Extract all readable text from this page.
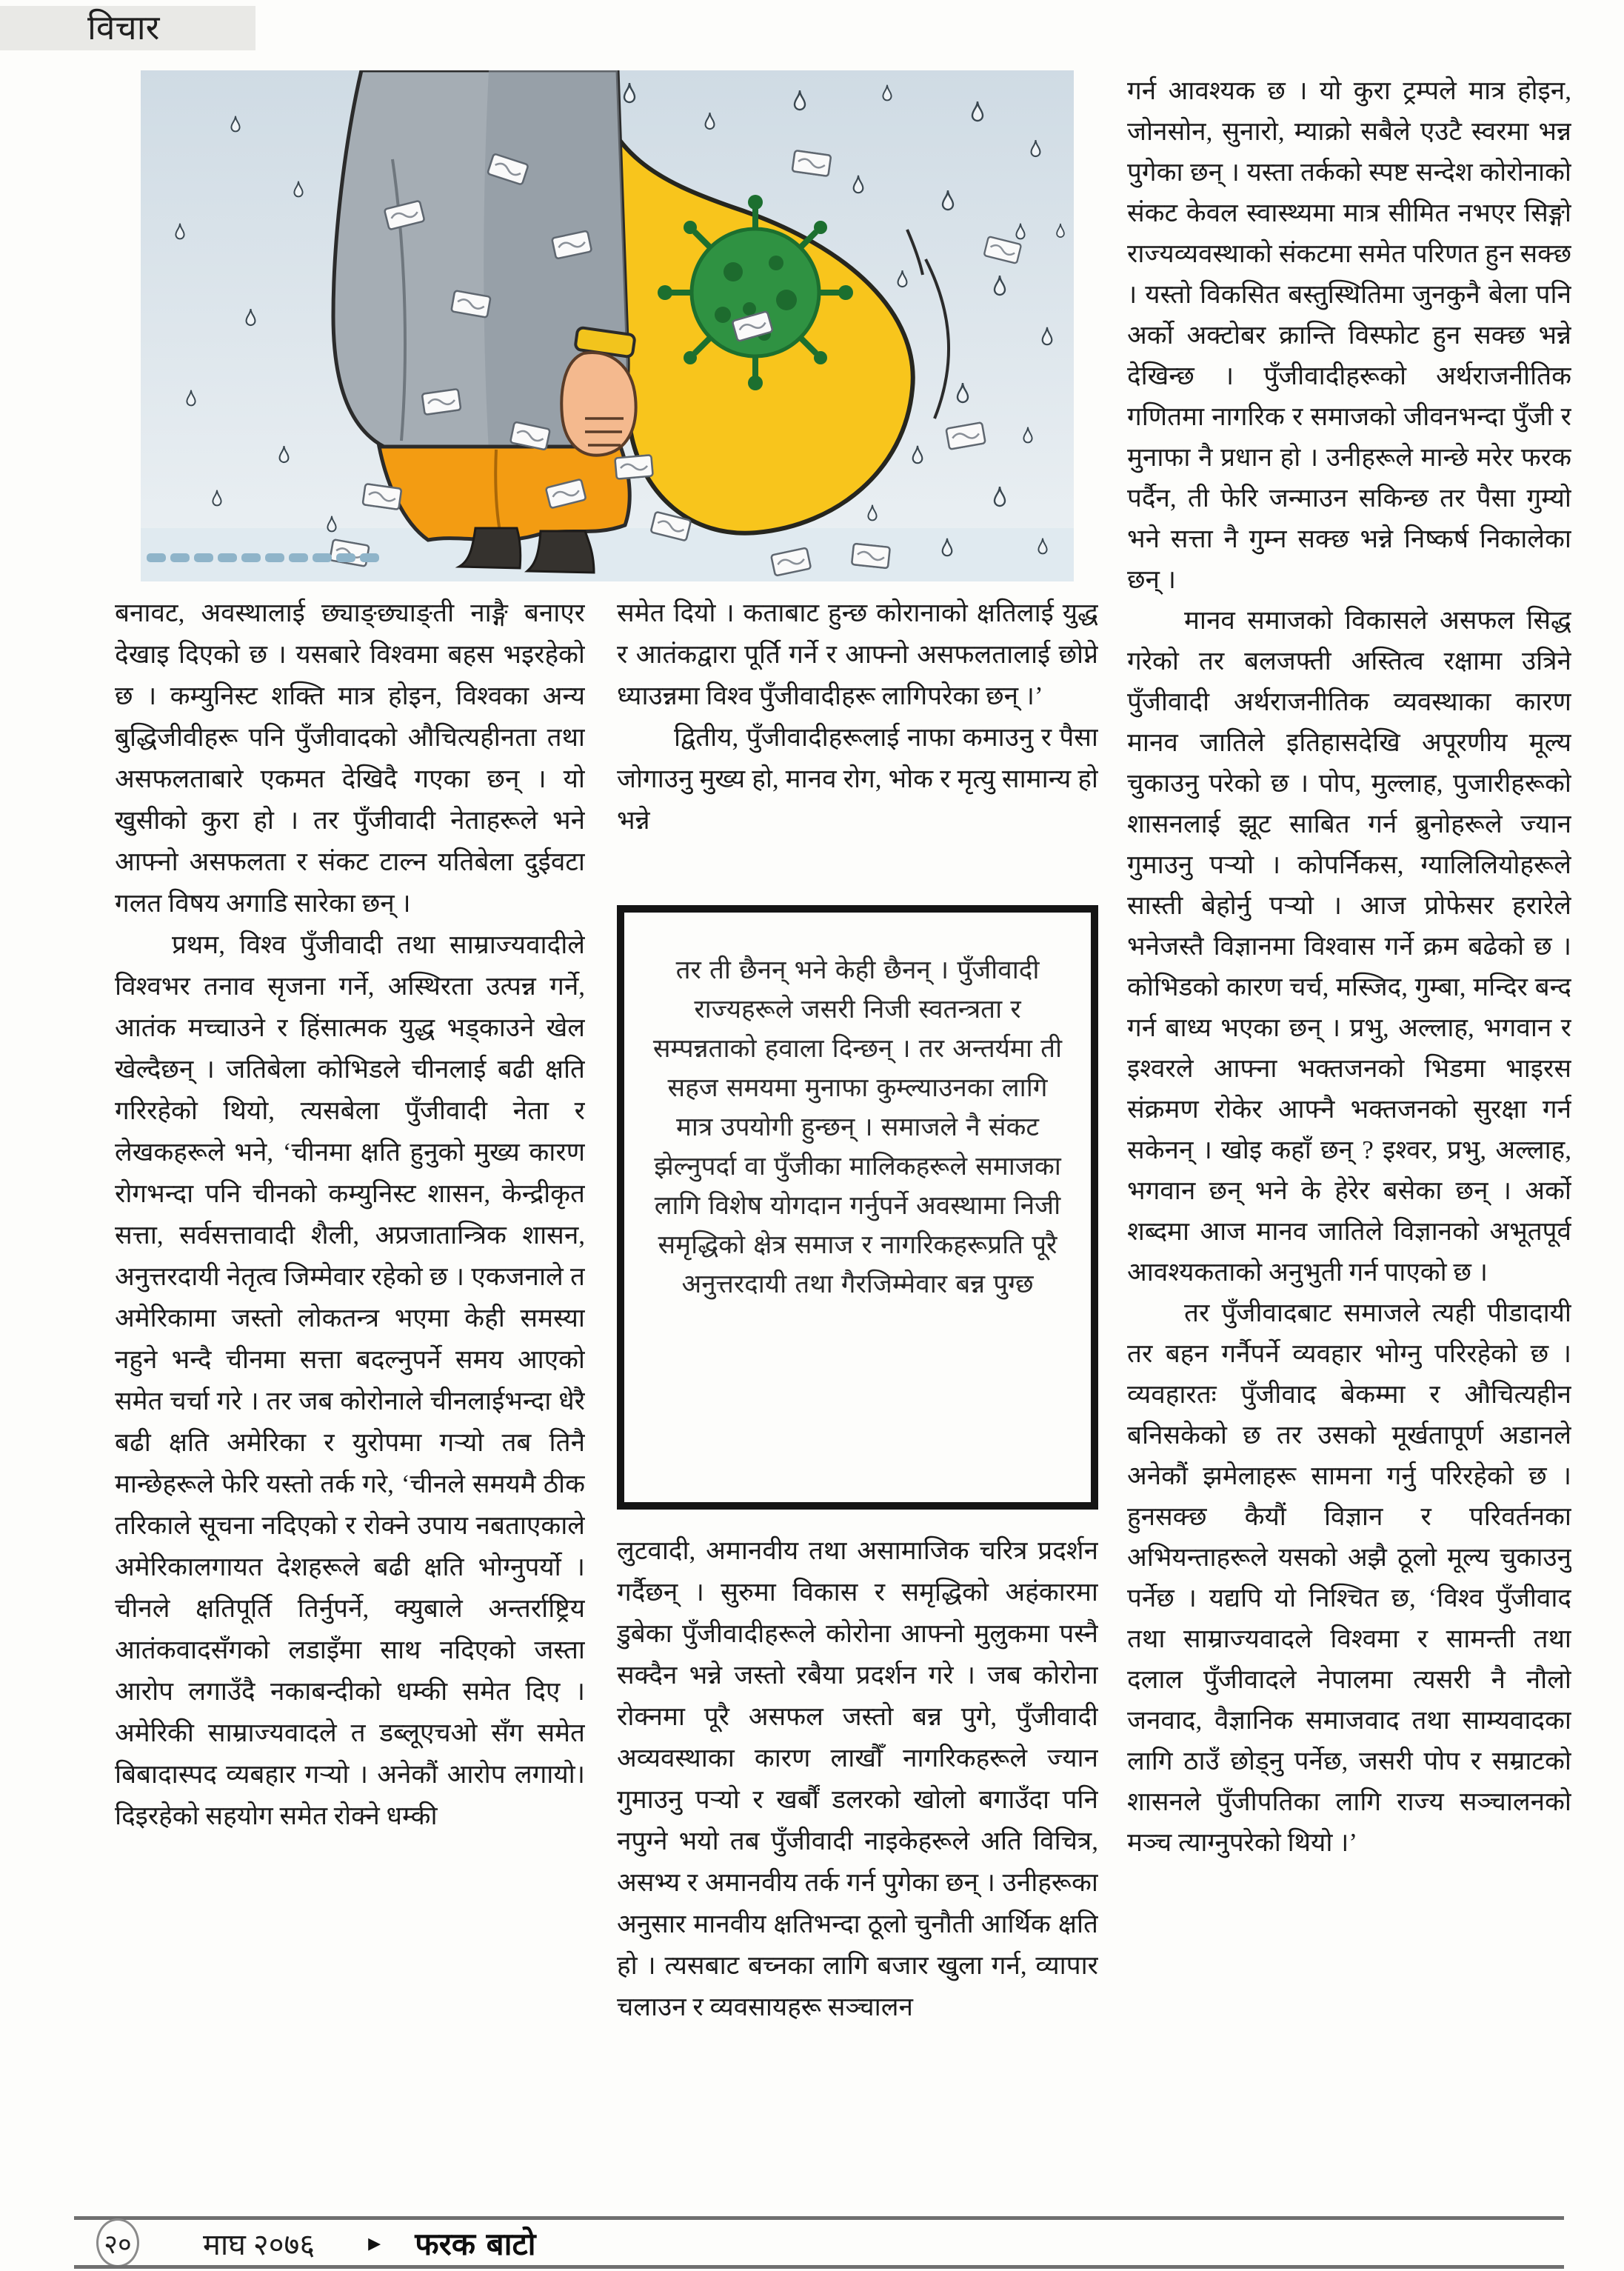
विचार

बनावट, अवस्थालाई छ्याङ्छ्याङ्ती नाङ्गै बनाएर देखाइ दिएको छ । यसबारे विश्वमा बहस भइरहेको छ । कम्युनिस्ट शक्ति मात्र होइन, विश्वका अन्य बुद्धिजीवीहरू पनि पुँजीवादको औचित्यहीनता तथा असफलताबारे एकमत देखिदै गएका छन् । यो खुसीको कुरा हो । तर पुँजीवादी नेताहरूले भने आफ्नो असफलता र संकट टाल्न यतिबेला दुईवटा गलत विषय अगाडि सारेका छन् ।

प्रथम, विश्व पुँजीवादी तथा साम्राज्यवादीले विश्वभर तनाव सृजना गर्ने, अस्थिरता उत्पन्न गर्ने, आतंक मच्चाउने र हिंसात्मक युद्ध भड्काउने खेल खेल्दैछन् । जतिबेला कोभिडले चीनलाई बढी क्षति गरिरहेको थियो, त्यसबेला पुँजीवादी नेता र लेखकहरूले भने, ‘चीनमा क्षति हुनुको मुख्य कारण रोगभन्दा पनि चीनको कम्युनिस्ट शासन, केन्द्रीकृत सत्ता, सर्वसत्तावादी शैली, अप्रजातान्त्रिक शासन, अनुत्तरदायी नेतृत्व जिम्मेवार रहेको छ । एकजनाले त अमेरिकामा जस्तो लोकतन्त्र भएमा केही समस्या नहुने भन्दै चीनमा सत्ता बदल्नुपर्ने समय आएको समेत चर्चा गरे । तर जब कोरोनाले चीनलाईभन्दा धेरै बढी क्षति अमेरिका र युरोपमा गऱ्यो तब तिनै मान्छेहरूले फेरि यस्तो तर्क गरे, ‘चीनले समयमै ठीक तरिकाले सूचना नदिएको र रोक्ने उपाय नबताएकाले अमेरिकालगायत देशहरूले बढी क्षति भोग्नुपर्यो । चीनले क्षतिपूर्ति तिर्नुपर्ने, क्युबाले अन्तर्राष्ट्रिय आतंकवादसँगको लडाइँमा साथ नदिएको जस्ता आरोप लगाउँदै नकाबन्दीको धम्की समेत दिए । अमेरिकी साम्राज्यवादले त डब्लूएचओ सँग समेत बिबादास्पद व्यबहार गऱ्यो । अनेकौं आरोप लगायो। दिइरहेको सहयोग समेत रोक्ने धम्की

समेत दियो । कताबाट हुन्छ कोरानाको क्षतिलाई युद्ध र आतंकद्वारा पूर्ति गर्ने र आफ्नो असफलतालाई छोप्ने ध्याउन्नमा विश्व पुँजीवादीहरू लागिपरेका छन् ।’

द्वितीय, पुँजीवादीहरूलाई नाफा कमाउनु र पैसा जोगाउनु मुख्य हो, मानव रोग, भोक र मृत्यु सामान्य हो भन्ने

तर ती छैनन् भने केही छैनन् । पुँजीवादी राज्यहरूले जसरी निजी स्वतन्त्रता र सम्पन्नताको हवाला दिन्छन् । तर अन्तर्यमा ती सहज समयमा मुनाफा कुम्ल्याउनका लागि मात्र उपयोगी हुन्छन् । समाजले नै संकट झेल्नुपर्दा वा पुँजीका मालिकहरूले समाजका लागि विशेष योगदान गर्नुपर्ने अवस्थामा निजी समृद्धिको क्षेत्र समाज र नागरिकहरूप्रति पूरै अनुत्तरदायी तथा गैरजिम्मेवार बन्न पुग्छ

लुटवादी, अमानवीय तथा असामाजिक चरित्र प्रदर्शन गर्दैछन् । सुरुमा विकास र समृद्धिको अहंकारमा डुबेका पुँजीवादीहरूले कोरोना आफ्नो मुलुकमा पस्नै सक्दैन भन्ने जस्तो रबैया प्रदर्शन गरे । जब कोरोना रोक्नमा पूरै असफल जस्तो बन्न पुगे, पुँजीवादी अव्यवस्थाका कारण लाखौँ नागरिकहरूले ज्यान गुमाउनु पऱ्यो र खर्बौं डलरको खोलो बगाउँदा पनि नपुग्ने भयो तब पुँजीवादी नाइकेहरूले अति विचित्र, असभ्य र अमानवीय तर्क गर्न पुगेका छन् । उनीहरूका अनुसार मानवीय क्षतिभन्दा ठूलो चुनौती आर्थिक क्षति हो । त्यसबाट बच्नका लागि बजार खुला गर्न, व्यापार चलाउन र व्यवसायहरू सञ्चालन

गर्न आवश्यक छ । यो कुरा ट्रम्पले मात्र होइन, जोनसोन, सुनारो, म्याक्रो सबैले एउटै स्वरमा भन्न पुगेका छन् । यस्ता तर्कको स्पष्ट सन्देश कोरोनाको संकट केवल स्वास्थ्यमा मात्र सीमित नभएर सिङ्गो राज्यव्यवस्थाको संकटमा समेत परिणत हुन सक्छ । यस्तो विकसित बस्तुस्थितिमा जुनकुनै बेला पनि अर्को अक्टोबर क्रान्ति विस्फोट हुन सक्छ भन्ने देखिन्छ । पुँजीवादीहरूको अर्थराजनीतिक गणितमा नागरिक र समाजको जीवनभन्दा पुँजी र मुनाफा नै प्रधान हो । उनीहरूले मान्छे मरेर फरक पर्दैन, ती फेरि जन्माउन सकिन्छ तर पैसा गुम्यो भने सत्ता नै गुम्न सक्छ भन्ने निष्कर्ष निकालेका छन् ।

मानव समाजको विकासले असफल सिद्ध गरेको तर बलजफ्ती अस्तित्व रक्षामा उत्रिने पुँजीवादी अर्थराजनीतिक व्यवस्थाका कारण मानव जातिले इतिहासदेखि अपूरणीय मूल्य चुकाउनु परेको छ । पोप, मुल्लाह, पुजारीहरूको शासनलाई झूट साबित गर्न ब्रुनोहरूले ज्यान गुमाउनु पऱ्यो । कोपर्निकस, ग्यालिलियोहरूले सास्ती बेहोर्नु पऱ्यो । आज प्रोफेसर हरारेले भनेजस्तै विज्ञानमा विश्वास गर्ने क्रम बढेको छ । कोभिडको कारण चर्च, मस्जिद, गुम्बा, मन्दिर बन्द गर्न बाध्य भएका छन् । प्रभु, अल्लाह, भगवान र इश्वरले आफ्ना भक्तजनको भिडमा भाइरस संक्रमण रोकेर आफ्नै भक्तजनको सुरक्षा गर्न सकेनन् । खोइ कहाँ छन् ? इश्वर, प्रभु, अल्लाह, भगवान छन् भने के हेरेर बसेका छन् । अर्को शब्दमा आज मानव जातिले विज्ञानको अभूतपूर्व आवश्यकताको अनुभुती गर्न पाएको छ ।

तर पुँजीवादबाट समाजले त्यही पीडादायी तर बहन गर्नैपर्ने व्यवहार भोग्नु परिरहेको छ । व्यवहारतः पुँजीवाद बेकम्मा र औचित्यहीन बनिसकेको छ तर उसको मूर्खतापूर्ण अडानले अनेकौं झमेलाहरू सामना गर्नु परिरहेको छ । हुनसक्छ कैयौं विज्ञान र परिवर्तनका अभियन्ताहरूले यसको अझै ठूलो मूल्य चुकाउनु पर्नेछ । यद्यपि यो निश्चित छ, ‘विश्व पुँजीवाद तथा साम्राज्यवादले विश्वमा र सामन्ती तथा दलाल पुँजीवादले नेपालमा त्यसरी नै नौलो जनवाद, वैज्ञानिक समाजवाद तथा साम्यवादका लागि ठाउँ छोड्नु पर्नेछ, जसरी पोप र सम्राटको शासनले पुँजीपतिका लागि राज्य सञ्चालनको मञ्च त्याग्नुपरेको थियो ।’

२० माघ २०७६ ▸ फरक बाटो
